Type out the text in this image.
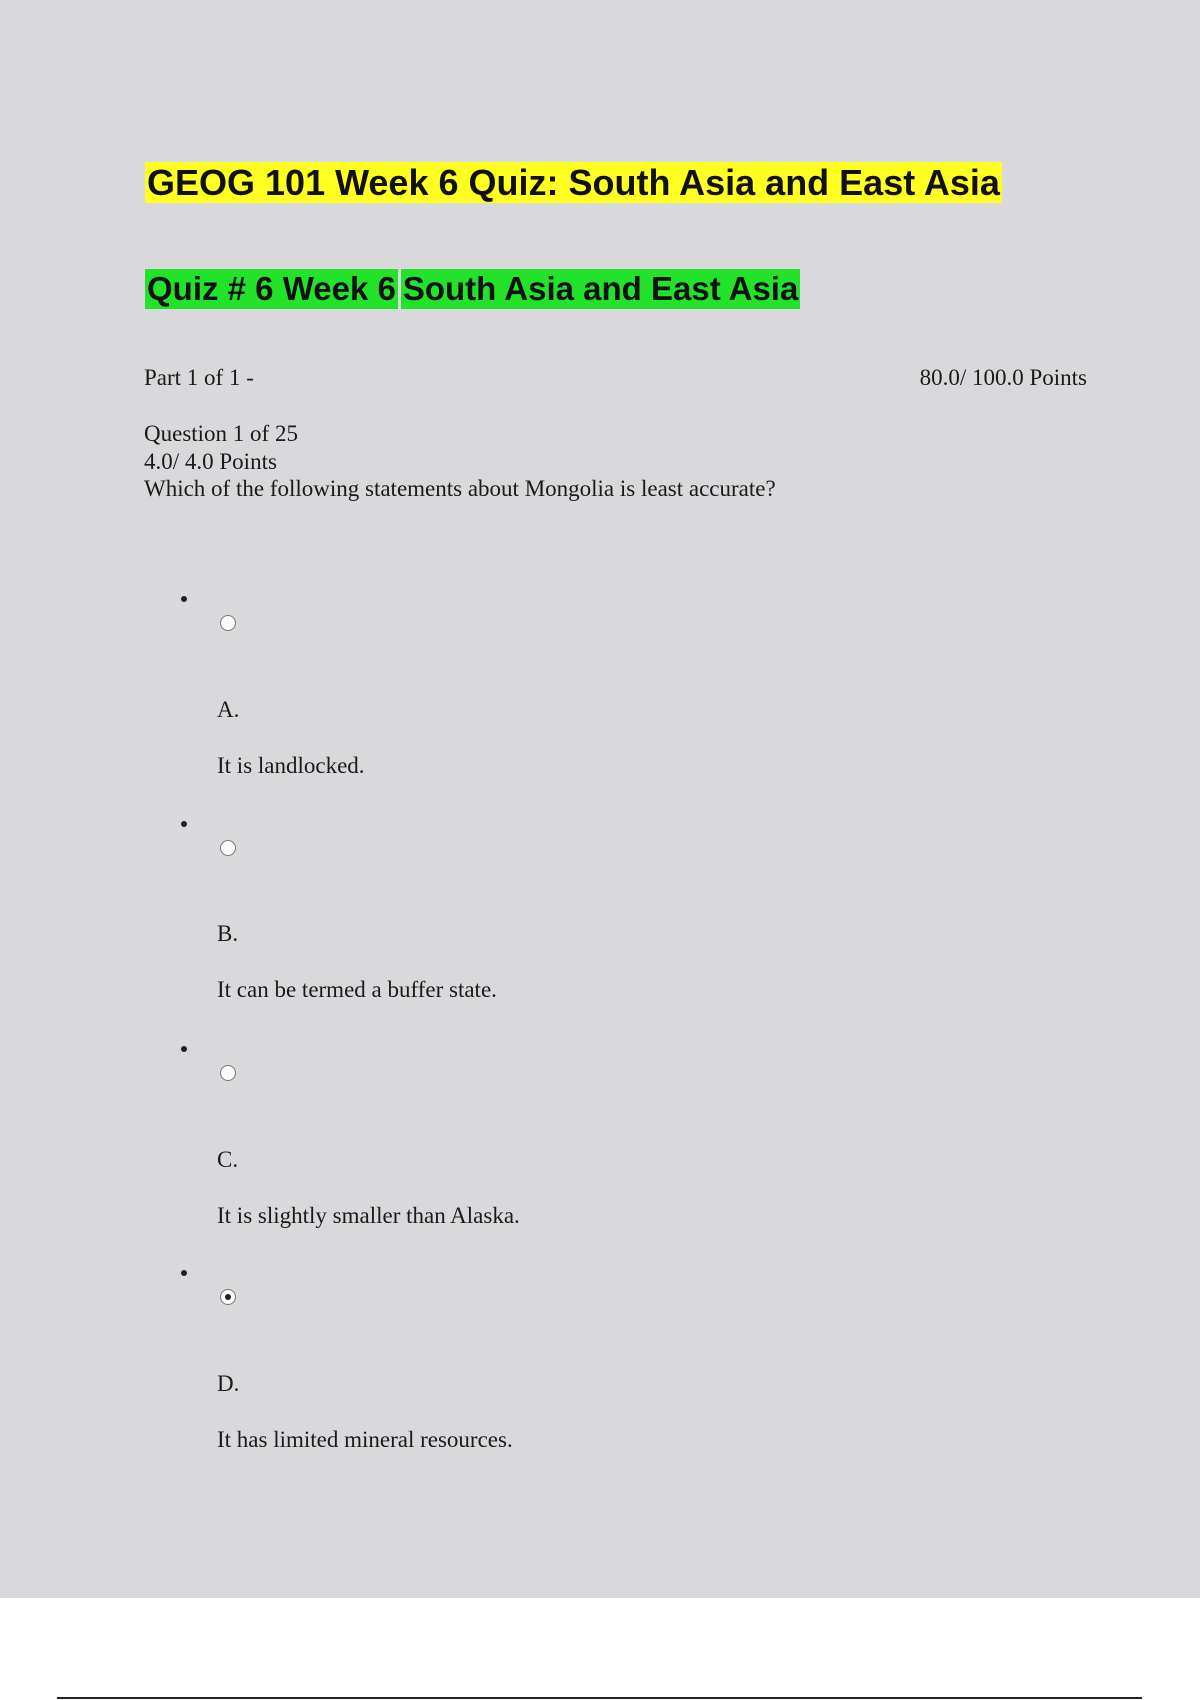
GEOG 101 Week 6 Quiz: South Asia and East Asia
Quiz # 6 Week 6 South Asia and East Asia
Part 1 of 1 -	80.0/ 100.0 Points
Question 1 of 25
4.0/ 4.0 Points
Which of the following statements about Mongolia is least accurate?
A.
It is landlocked.
B.
It can be termed a buffer state.
C.
It is slightly smaller than Alaska.
D.
It has limited mineral resources.
